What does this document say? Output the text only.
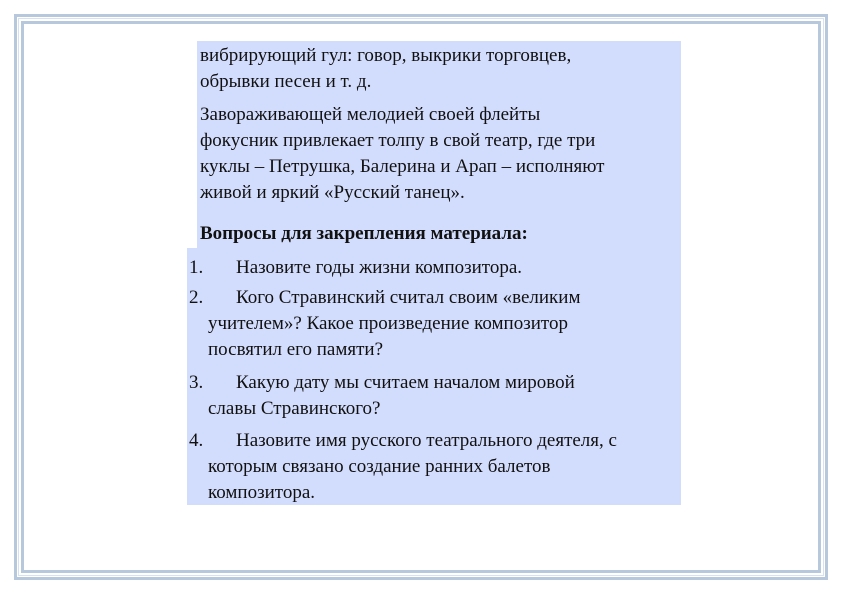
вибрирующий гул: говор, выкрики торговцев,
обрывки песен и т. д.

Завораживающей мелодией своей флейты
фокусник привлекает толпу в свой театр, где три
куклы – Петрушка, Балерина и Арап – исполняют
живой и яркий «Русский танец».

Вопросы для закрепления материала:

1.	Назовите годы жизни композитора.
2.	Кого Стравинский считал своим «великим
учителем»? Какое произведение композитор
посвятил его памяти?
3.	Какую дату мы считаем началом мировой
славы Стравинского?
4.	Назовите имя русского театрального деятеля, с
которым связано создание ранних балетов
композитора.
